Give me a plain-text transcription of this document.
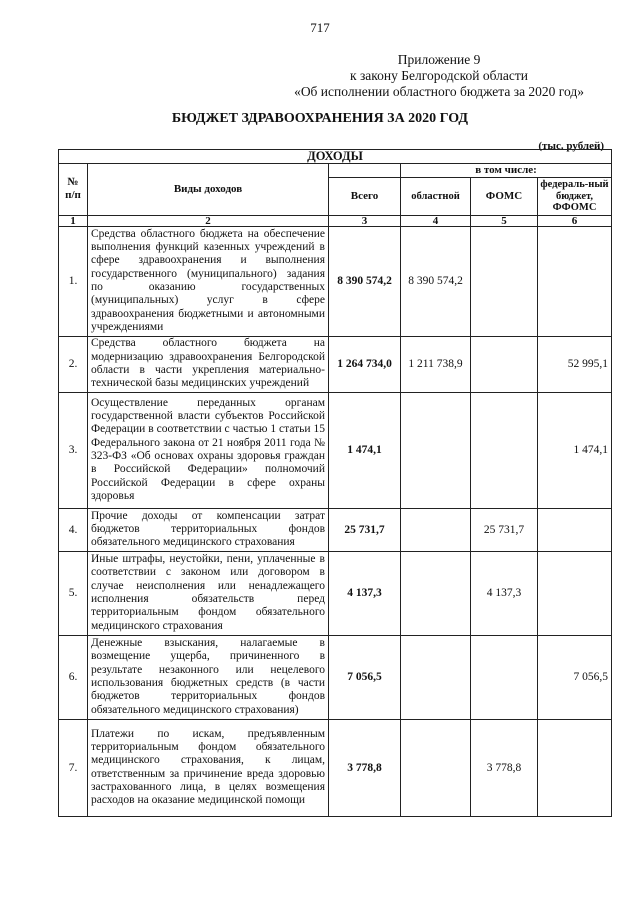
717
Приложение 9
к закону Белгородской области
«Об исполнении областного бюджета за 2020 год»
БЮДЖЕТ ЗДРАВООХРАНЕНИЯ ЗА 2020 ГОД
(тыс. рублей)
ДОХОДЫ					
№ п/п	Виды доходов		в том числе:		
		Всего	областной	ФОМС	федераль-ный бюджет, ФФОМС
1	2	3	4	5	6
1.	Средства областного бюджета на обеспечение выполнения функций казенных учреждений в сфере здравоохранения и выполнения государственного (муниципального) задания по оказанию государственных (муниципальных) услуг в сфере здравоохранения бюджетными и автономными учреждениями	8 390 574,2	8 390 574,2		
2.	Средства областного бюджета на модернизацию здравоохранения Белгородской области в части укрепления материально-технической базы медицинских учреждений	1 264 734,0	1 211 738,9		52 995,1
3.	Осуществление переданных органам государственной власти субъектов Российской Федерации в соответствии с частью 1 статьи 15 Федерального закона от 21 ноября 2011 года № 323-ФЗ «Об основах охраны здоровья граждан в Российской Федерации» полномочий Российской Федерации в сфере охраны здоровья	1 474,1			1 474,1
4.	Прочие доходы от компенсации затрат бюджетов территориальных фондов обязательного медицинского страхования	25 731,7		25 731,7	
5.	Иные штрафы, неустойки, пени, уплаченные в соответствии с законом или договором в случае неисполнения или ненадлежащего исполнения обязательств перед территориальным фондом обязательного медицинского страхования	4 137,3		4 137,3	
6.	Денежные взыскания, налагаемые в возмещение ущерба, причиненного в результате незаконного или нецелевого использования бюджетных средств (в части бюджетов территориальных фондов обязательного медицинского страхования)	7 056,5			7 056,5
7.	Платежи по искам, предъявленным территориальным фондом обязательного медицинского страхования, к лицам, ответственным за причинение вреда здоровью застрахованного лица, в целях возмещения расходов на оказание медицинской помощи	3 778,8		3 778,8	
